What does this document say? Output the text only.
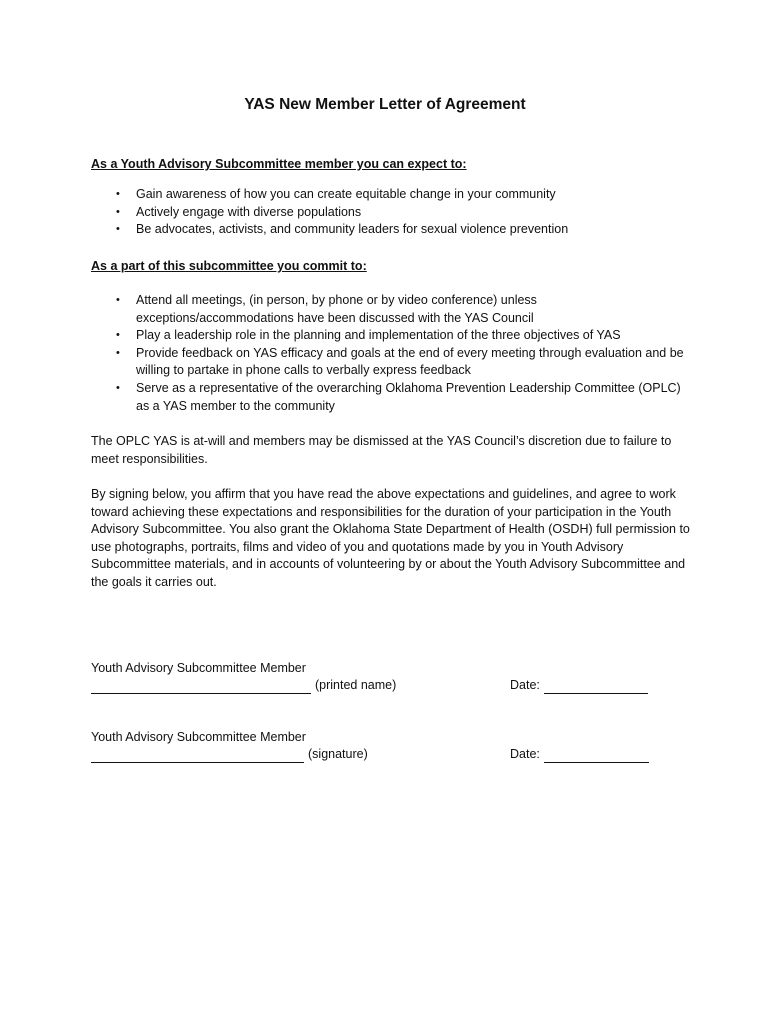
YAS New Member Letter of Agreement
As a Youth Advisory Subcommittee member you can expect to:
• Gain awareness of how you can create equitable change in your community
• Actively engage with diverse populations
• Be advocates, activists, and community leaders for sexual violence prevention
As a part of this subcommittee you commit to:
• Attend all meetings, (in person, by phone or by video conference) unless exceptions/accommodations have been discussed with the YAS Council
• Play a leadership role in the planning and implementation of the three objectives of YAS
• Provide feedback on YAS efficacy and goals at the end of every meeting through evaluation and be willing to partake in phone calls to verbally express feedback
• Serve as a representative of the overarching Oklahoma Prevention Leadership Committee (OPLC) as a YAS member to the community

The OPLC YAS is at-will and members may be dismissed at the YAS Council’s discretion due to failure to meet responsibilities.

By signing below, you affirm that you have read the above expectations and guidelines, and agree to work toward achieving these expectations and responsibilities for the duration of your participation in the Youth Advisory Subcommittee. You also grant the Oklahoma State Department of Health (OSDH) full permission to use photographs, portraits, films and video of you and quotations made by you in Youth Advisory Subcommittee materials, and in accounts of volunteering by or about the Youth Advisory Subcommittee and the goals it carries out.

Youth Advisory Subcommittee Member
(printed name)	Date:
Youth Advisory Subcommittee Member
(signature)	Date:
